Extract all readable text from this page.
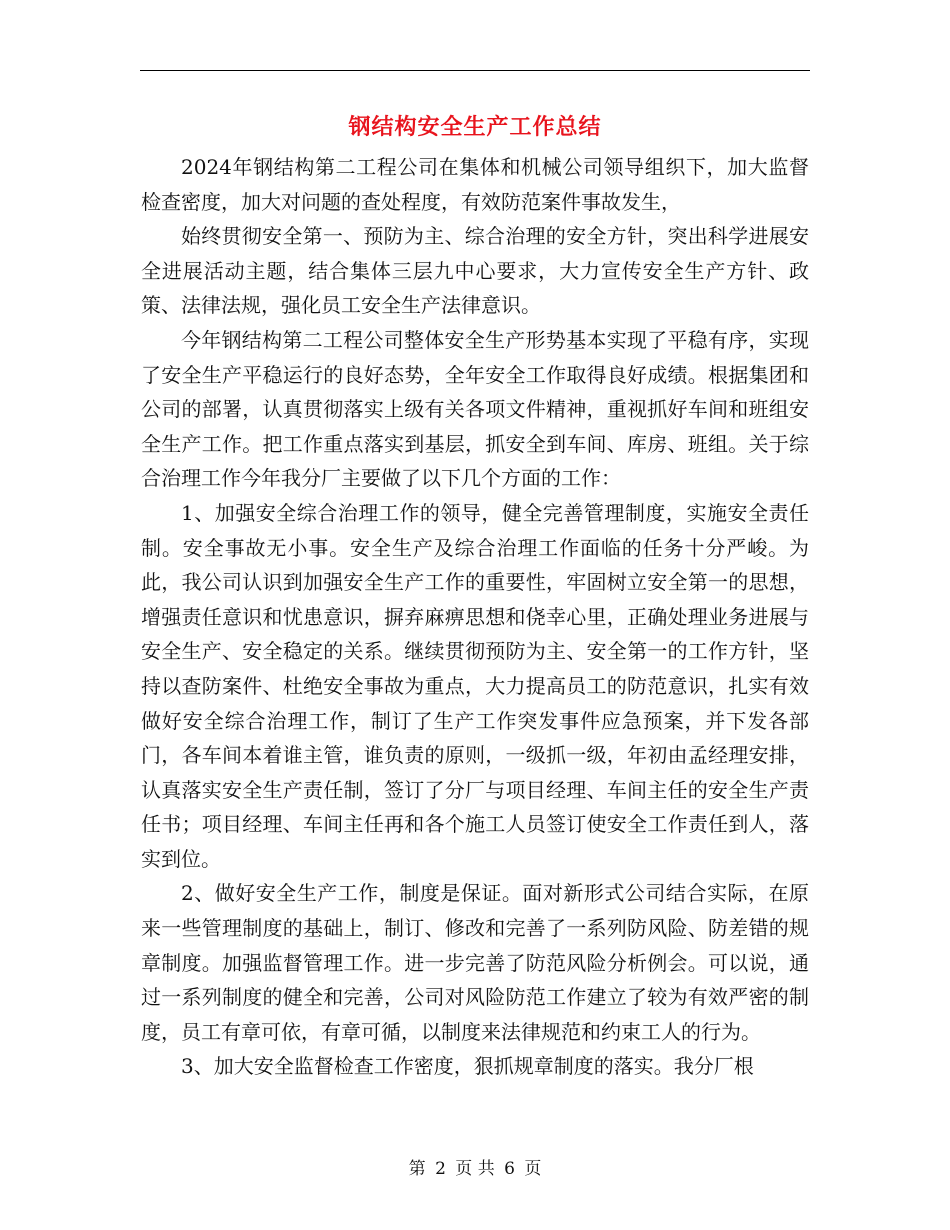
钢结构安全生产工作总结

2024年钢结构第二工程公司在集体和机械公司领导组织下，加大监督检查密度，加大对问题的查处程度，有效防范案件事故发生，

始终贯彻安全第一、预防为主、综合治理的安全方针，突出科学进展安全进展活动主题，结合集体三层九中心要求，大力宣传安全生产方针、政策、法律法规，强化员工安全生产法律意识。

今年钢结构第二工程公司整体安全生产形势基本实现了平稳有序，实现了安全生产平稳运行的良好态势，全年安全工作取得良好成绩。根据集团和公司的部署，认真贯彻落实上级有关各项文件精神，重视抓好车间和班组安全生产工作。把工作重点落实到基层，抓安全到车间、库房、班组。关于综合治理工作今年我分厂主要做了以下几个方面的工作：

1、加强安全综合治理工作的领导，健全完善管理制度，实施安全责任制。安全事故无小事。安全生产及综合治理工作面临的任务十分严峻。为此，我公司认识到加强安全生产工作的重要性，牢固树立安全第一的思想，增强责任意识和忧患意识，摒弃麻痹思想和侥幸心里，正确处理业务进展与安全生产、安全稳定的关系。继续贯彻预防为主、安全第一的工作方针，坚持以查防案件、杜绝安全事故为重点，大力提高员工的防范意识，扎实有效做好安全综合治理工作，制订了生产工作突发事件应急预案，并下发各部门，各车间本着谁主管，谁负责的原则，一级抓一级，年初由孟经理安排，认真落实安全生产责任制，签订了分厂与项目经理、车间主任的安全生产责任书；项目经理、车间主任再和各个施工人员签订使安全工作责任到人，落实到位。

2、做好安全生产工作，制度是保证。面对新形式公司结合实际，在原来一些管理制度的基础上，制订、修改和完善了一系列防风险、防差错的规章制度。加强监督管理工作。进一步完善了防范风险分析例会。可以说，通过一系列制度的健全和完善，公司对风险防范工作建立了较为有效严密的制度，员工有章可依，有章可循，以制度来法律规范和约束工人的行为。

3、加大安全监督检查工作密度，狠抓规章制度的落实。我分厂根

第 2 页 共 6 页
